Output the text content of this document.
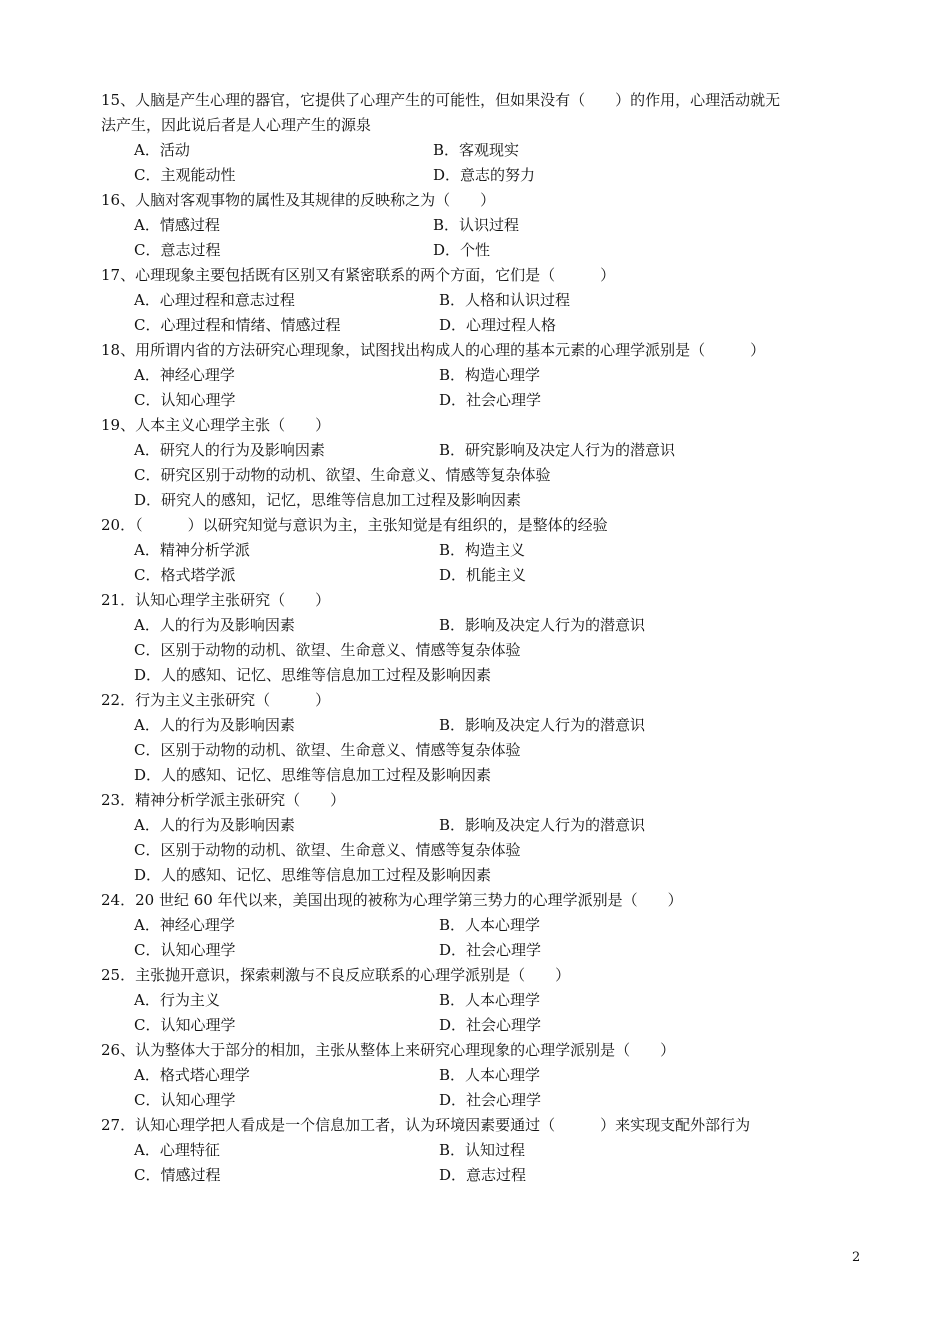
15、人脑是产生心理的器官，它提供了心理产生的可能性，但如果没有（　　）的作用，心理活动就无
法产生，因此说后者是人心理产生的源泉
A．活动	B．客观现实
C．主观能动性	D．意志的努力
16、人脑对客观事物的属性及其规律的反映称之为（　　）
A．情感过程	B．认识过程
C．意志过程	D．个性
17、心理现象主要包括既有区别又有紧密联系的两个方面，它们是（　　　）
A．心理过程和意志过程	B．人格和认识过程
C．心理过程和情绪、情感过程	D．心理过程人格
18、用所谓内省的方法研究心理现象，试图找出构成人的心理的基本元素的心理学派别是（　　　）
A．神经心理学	B．构造心理学
C．认知心理学	D．社会心理学
19、人本主义心理学主张（　　）
A．研究人的行为及影响因素	B．研究影响及决定人行为的潜意识
C．研究区别于动物的动机、欲望、生命意义、情感等复杂体验
D．研究人的感知，记忆，思维等信息加工过程及影响因素
20．（　　　）以研究知觉与意识为主，主张知觉是有组织的，是整体的经验
A．精神分析学派	B．构造主义
C．格式塔学派	D．机能主义
21．认知心理学主张研究（　　）
A．人的行为及影响因素	B．影响及决定人行为的潜意识
C．区别于动物的动机、欲望、生命意义、情感等复杂体验
D．人的感知、记忆、思维等信息加工过程及影响因素
22．行为主义主张研究（　　　）
A．人的行为及影响因素	B．影响及决定人行为的潜意识
C．区别于动物的动机、欲望、生命意义、情感等复杂体验
D．人的感知、记忆、思维等信息加工过程及影响因素
23．精神分析学派主张研究（　　）
A．人的行为及影响因素	B．影响及决定人行为的潜意识
C．区别于动物的动机、欲望、生命意义、情感等复杂体验
D．人的感知、记忆、思维等信息加工过程及影响因素
24．20 世纪 60 年代以来，美国出现的被称为心理学第三势力的心理学派别是（　　）
A．神经心理学	B．人本心理学
C．认知心理学	D．社会心理学
25．主张抛开意识，探索刺激与不良反应联系的心理学派别是（　　）
A．行为主义	B．人本心理学
C．认知心理学	D．社会心理学
26、认为整体大于部分的相加，主张从整体上来研究心理现象的心理学派别是（　　）
A．格式塔心理学	B．人本心理学
C．认知心理学	D．社会心理学
27．认知心理学把人看成是一个信息加工者，认为环境因素要通过（　　　）来实现支配外部行为
A．心理特征	B．认知过程
C．情感过程	D．意志过程
2
